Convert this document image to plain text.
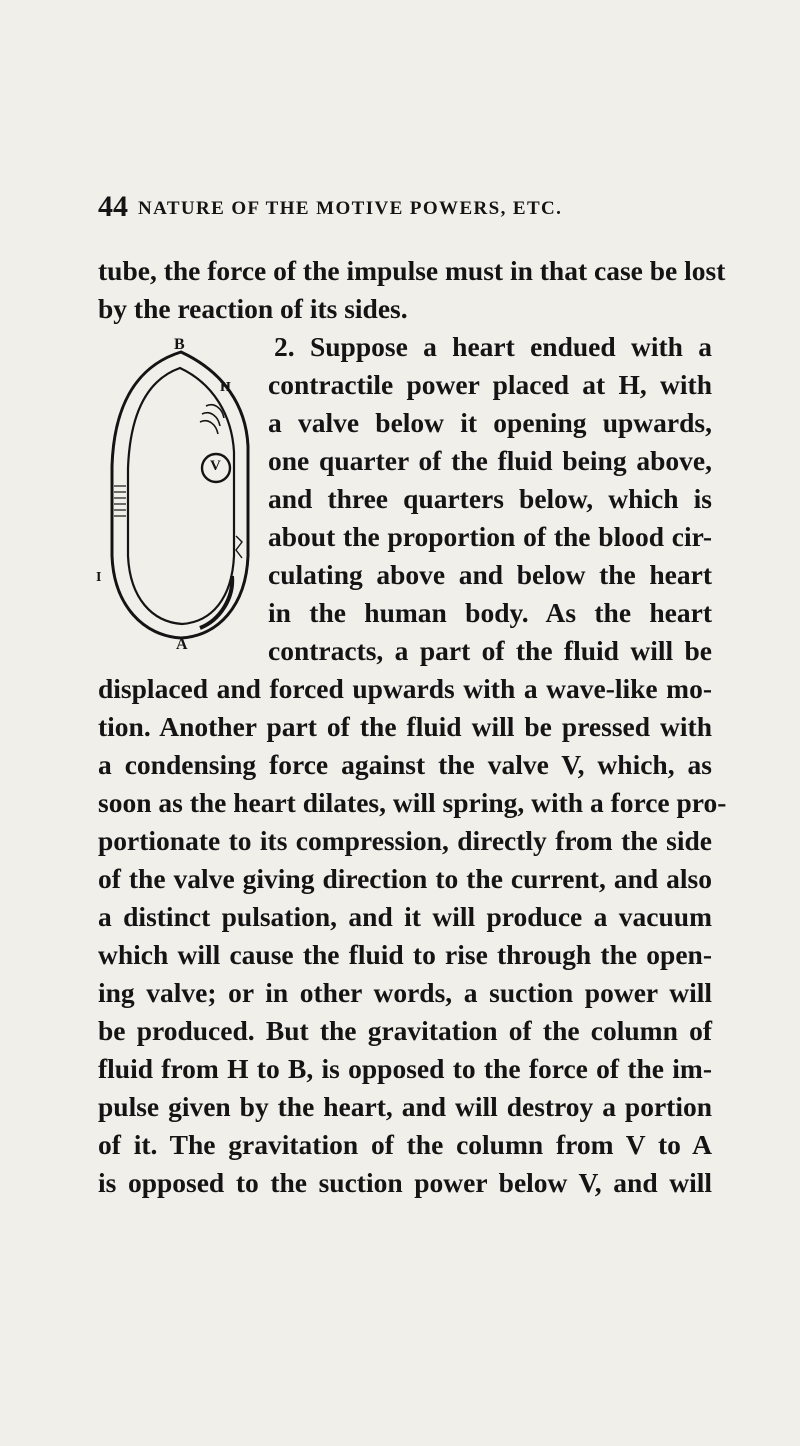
44 NATURE OF THE MOTIVE POWERS, ETC.
B
H
V
I
A
tube, the force of the impulse must in that case be lost
by the reaction of its sides.
2. Suppose a heart endued with a
contractile power placed at H, with
a valve below it opening upwards,
one quarter of the fluid being above,
and three quarters below, which is
about the proportion of the blood cir-
culating above and below the heart
in the human body. As the heart
contracts, a part of the fluid will be
displaced and forced upwards with a wave-like mo-
tion. Another part of the fluid will be pressed with
a condensing force against the valve V, which, as
soon as the heart dilates, will spring, with a force pro-
portionate to its compression, directly from the side
of the valve giving direction to the current, and also
a distinct pulsation, and it will produce a vacuum
which will cause the fluid to rise through the open-
ing valve; or in other words, a suction power will
be produced. But the gravitation of the column of
fluid from H to B, is opposed to the force of the im-
pulse given by the heart, and will destroy a portion
of it. The gravitation of the column from V to A
is opposed to the suction power below V, and will
